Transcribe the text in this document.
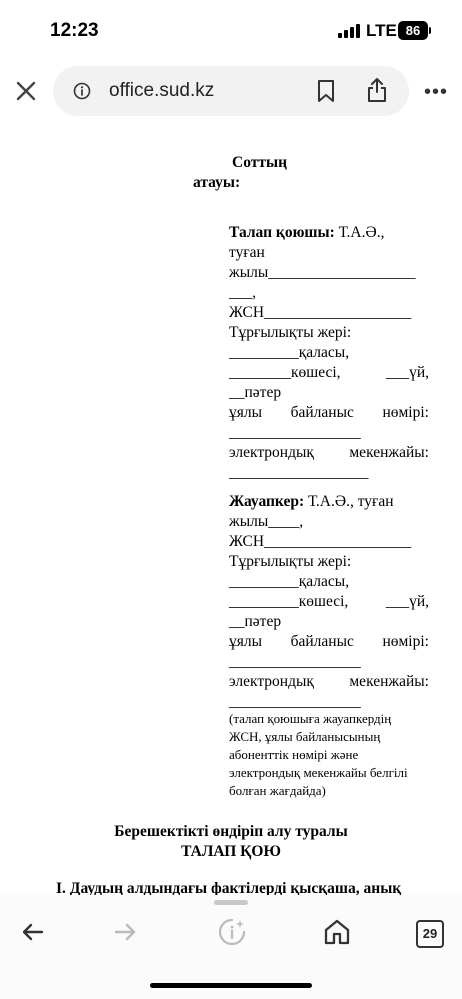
12:23	LTE 86
office.sud.kz	•••
Соттың
атауы:
Талап қоюшы: Т.А.Ә.,
туған
жылы___________________
___,
ЖСН___________________
Тұрғылықты жері:
_________қаласы,
________көшесі,	___үй,
__пәтер
ұялы байланыс нөмірі:
_________________
электрондық мекенжайы:
__________________
Жауапкер: Т.А.Ә., туған
жылы____,
ЖСН___________________
Тұрғылықты жері:
_________қаласы,
_________көшесі, ___үй,
__пәтер
ұялы байланыс нөмірі:
_________________
электрондық мекенжайы:
_________________
(талап қоюшыға жауапкердің
ЖСН, ұялы байланысының
абоненттік нөмірі және
электрондық мекенжайы белгілі
болған жағдайда)
Берешектікті өндіріп алу туралы
ТАЛАП ҚОЮ
I. Даудың алдындағы фактілерді қысқаша, анық
29
